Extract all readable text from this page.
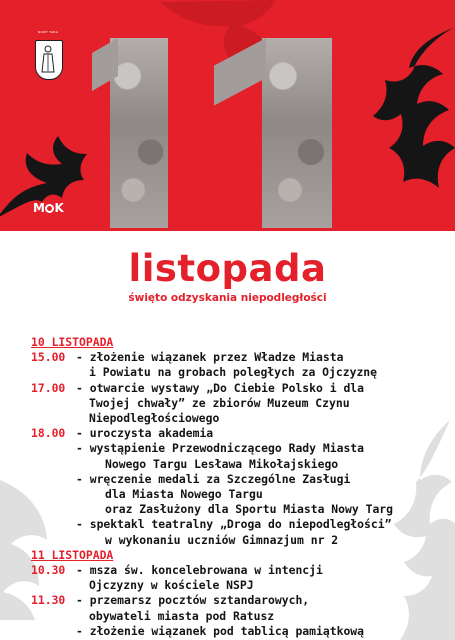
NOWY TARG
M K
listopada
święto odzyskania niepodległości
10 LISTOPADA
15.00 - złożenie wiązanek przez Władze Miasta
i Powiatu na grobach poległych za Ojczyznę
17.00 - otwarcie wystawy „Do Ciebie Polsko i dla
Twojej chwały” ze zbiorów Muzeum Czynu
Niepodległościowego
18.00 - uroczysta akademia
- wystąpienie Przewodniczącego Rady Miasta
Nowego Targu Lesława Mikołajskiego
- wręczenie medali za Szczególne Zasługi
dla Miasta Nowego Targu
oraz Zasłużony dla Sportu Miasta Nowy Targ
- spektakl teatralny „Droga do niepodległości”
w wykonaniu uczniów Gimnazjum nr 2
11 LISTOPADA
10.30 - msza św. koncelebrowana w intencji
Ojczyzny w kościele NSPJ
11.30 - przemarsz pocztów sztandarowych,
obywateli miasta pod Ratusz
- złożenie wiązanek pod tablicą pamiątkową
